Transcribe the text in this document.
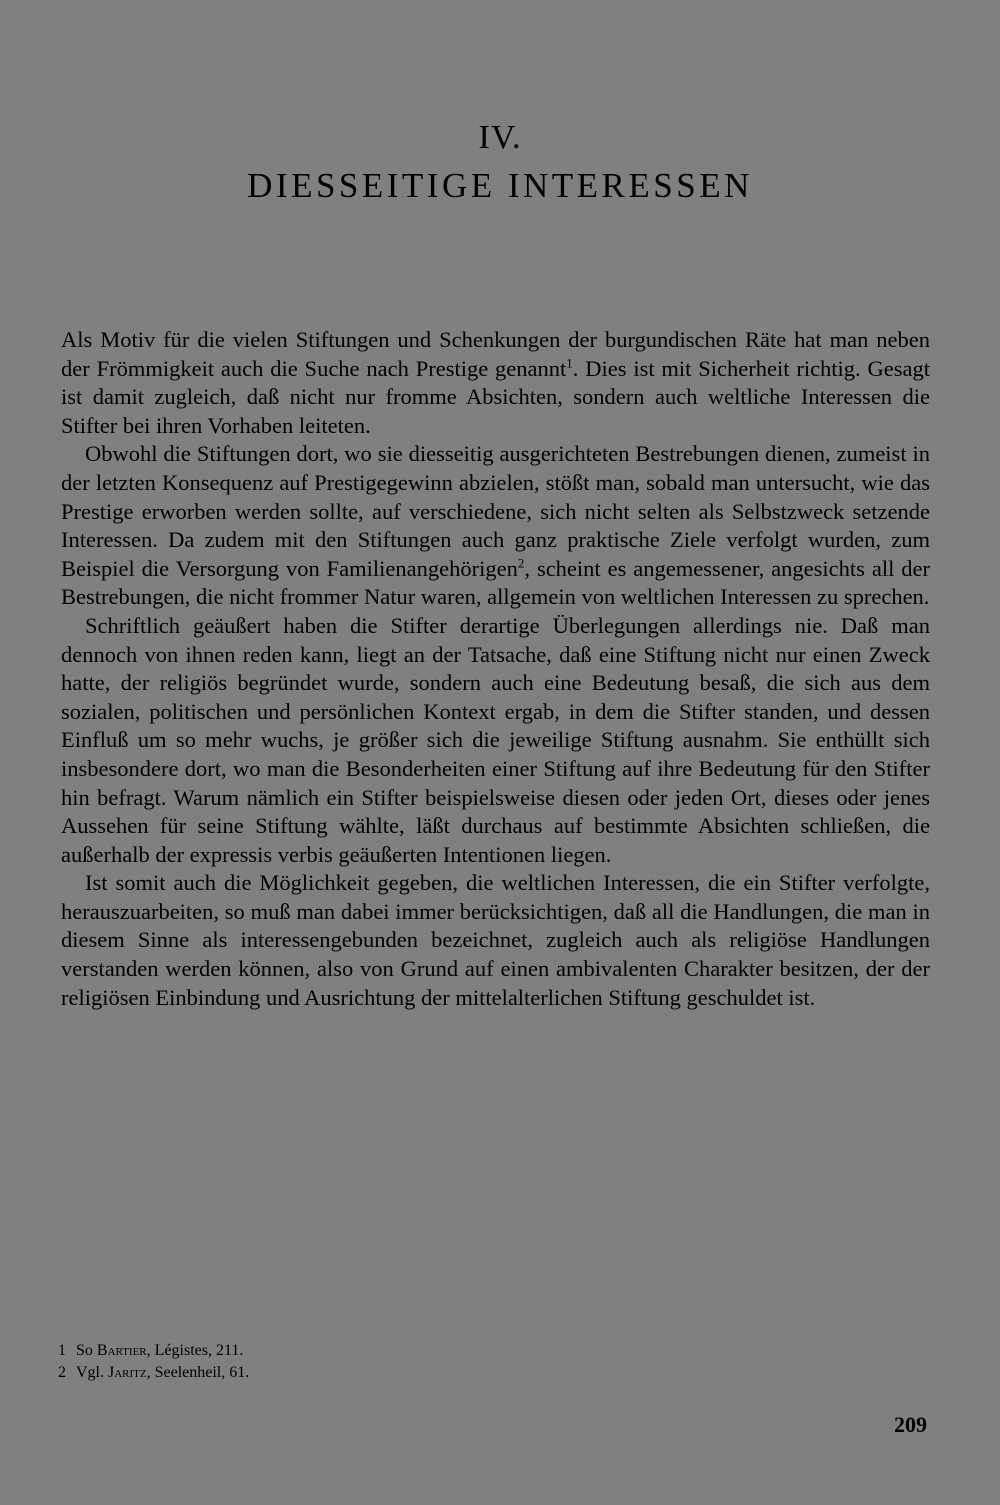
IV.
DIESSEITIGE INTERESSEN

Als Motiv für die vielen Stiftungen und Schenkungen der burgundischen Räte hat man neben der Frömmigkeit auch die Suche nach Prestige genannt$^1$. Dies ist mit Sicherheit richtig. Gesagt ist damit zugleich, daß nicht nur fromme Absichten, sondern auch weltliche Interessen die Stifter bei ihren Vorhaben leiteten.

Obwohl die Stiftungen dort, wo sie diesseitig ausgerichteten Bestrebungen dienen, zumeist in der letzten Konsequenz auf Prestigegewinn abzielen, stößt man, sobald man untersucht, wie das Prestige erworben werden sollte, auf verschiedene, sich nicht selten als Selbstzweck setzende Interessen. Da zudem mit den Stiftungen auch ganz praktische Ziele verfolgt wurden, zum Beispiel die Versorgung von Familienangehörigen$^2$, scheint es angemessener, angesichts all der Bestrebungen, die nicht frommer Natur waren, allgemein von weltlichen Interessen zu sprechen.

Schriftlich geäußert haben die Stifter derartige Überlegungen allerdings nie. Daß man dennoch von ihnen reden kann, liegt an der Tatsache, daß eine Stiftung nicht nur einen Zweck hatte, der religiös begründet wurde, sondern auch eine Bedeutung besaß, die sich aus dem sozialen, politischen und persönlichen Kontext ergab, in dem die Stifter standen, und dessen Einfluß um so mehr wuchs, je größer sich die jeweilige Stiftung ausnahm. Sie enthüllt sich insbesondere dort, wo man die Besonderheiten einer Stiftung auf ihre Bedeutung für den Stifter hin befragt. Warum nämlich ein Stifter beispielsweise diesen oder jeden Ort, dieses oder jenes Aussehen für seine Stiftung wählte, läßt durchaus auf bestimmte Absichten schließen, die außerhalb der expressis verbis geäußerten Intentionen liegen.

Ist somit auch die Möglichkeit gegeben, die weltlichen Interessen, die ein Stifter verfolgte, herauszuarbeiten, so muß man dabei immer berücksichtigen, daß all die Handlungen, die man in diesem Sinne als interessengebunden bezeichnet, zugleich auch als religiöse Handlungen verstanden werden können, also von Grund auf einen ambivalenten Charakter besitzen, der der religiösen Einbindung und Ausrichtung der mittelalterlichen Stiftung geschuldet ist.

1 So Bartier, Légistes, 211.

2 Vgl. Jaritz, Seelenheil, 61.

209
